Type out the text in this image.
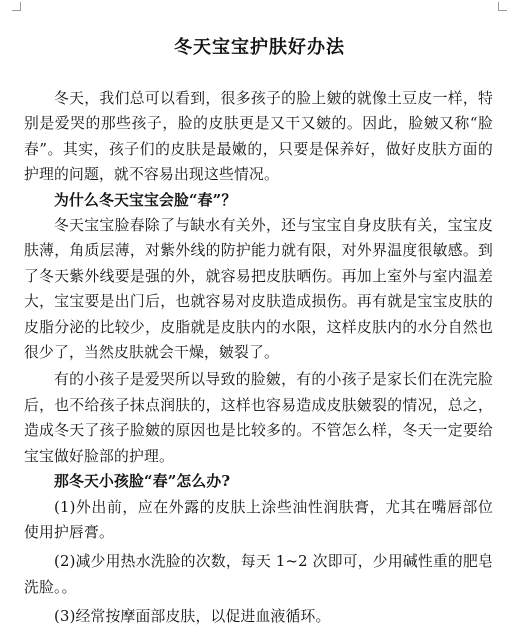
冬天宝宝护肤好办法

冬天，我们总可以看到，很多孩子的脸上皴的就像土豆皮一样，特别是爱哭的那些孩子，脸的皮肤更是又干又皴的。因此，脸皴又称“脸春”。其实，孩子们的皮肤是最嫩的，只要是保养好，做好皮肤方面的护理的问题，就不容易出现这些情况。

为什么冬天宝宝会脸“春”？

冬天宝宝脸春除了与缺水有关外，还与宝宝自身皮肤有关，宝宝皮肤薄，角质层薄，对紫外线的防护能力就有限，对外界温度很敏感。到了冬天紫外线要是强的外，就容易把皮肤晒伤。再加上室外与室内温差大，宝宝要是出门后，也就容易对皮肤造成损伤。再有就是宝宝皮肤的皮脂分泌的比较少，皮脂就是皮肤内的水限，这样皮肤内的水分自然也很少了，当然皮肤就会干燥，皴裂了。

有的小孩子是爱哭所以导致的脸皴，有的小孩子是家长们在洗完脸后，也不给孩子抹点润肤的，这样也容易造成皮肤皴裂的情况，总之，造成冬天了孩子脸皴的原因也是比较多的。不管怎么样，冬天一定要给宝宝做好脸部的护理。

那冬天小孩脸“春”怎么办?

(1)外出前，应在外露的皮肤上涂些油性润肤膏，尤其在嘴唇部位使用护唇膏。

(2)减少用热水洗脸的次数，每天 1~2 次即可，少用碱性重的肥皂洗脸。。

(3)经常按摩面部皮肤，以促进血液循环。
